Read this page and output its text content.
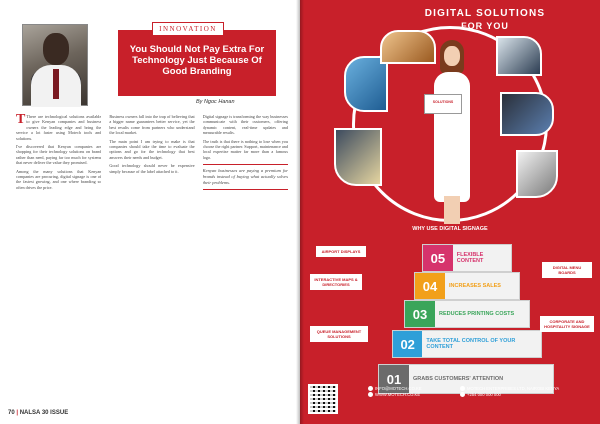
INNOVATION
You Should Not Pay Extra For Technology Just Because Of Good Branding
By Ngoc Hanan

T There are technological solutions available to give Kenyan companies and business owners the leading edge and bring the service a lot faster using Motech tools and solutions.

I've discovered that Kenyan companies are shopping for their technology solutions on brand rather than need, paying far too much for systems that never deliver the value they promised.

Among the many solutions that Kenyan companies are procuring, digital signage is one of the fastest growing, and one where branding so often drives the price.

Business owners fall into the trap of believing that a bigger name guarantees better service, yet the best results come from partners who understand the local market.

The main point I am trying to make is that companies should take the time to evaluate the options and go for the technology that best answers their needs and budget.

Good technology should never be expensive simply because of the label attached to it.

Digital signage is transforming the way businesses communicate with their customers, offering dynamic content, real-time updates and measurable results.

The truth is that there is nothing to lose when you choose the right partner. Support, maintenance and local expertise matter far more than a famous logo.

Kenyan businesses are paying a premium for brands instead of buying what actually solves their problems.
70 | NALSA 30 ISSUE
DIGITAL SOLUTIONS
FOR YOU
SOLUTIONS
WHY USE DIGITAL SIGNAGE
05	FLEXIBLE CONTENT
04	INCREASES SALES
03	REDUCES PRINTING COSTS
02	TAKE TOTAL CONTROL OF YOUR CONTENT
01	GRABS CUSTOMERS' ATTENTION
AIRPORT DISPLAYS
INTERACTIVE MAPS & DIRECTORIES
QUEUE MANAGEMENT SOLUTIONS
DIGITAL MENU BOARDS
CORPORATE AND HOSPITALITY SIGNAGE
INFO@MOTECH.CO.KE
WWW.MOTECH.CO.KE
MOTECH ENTERPRISES LTD, NAIROBI KENYA
+254 000 000 000
